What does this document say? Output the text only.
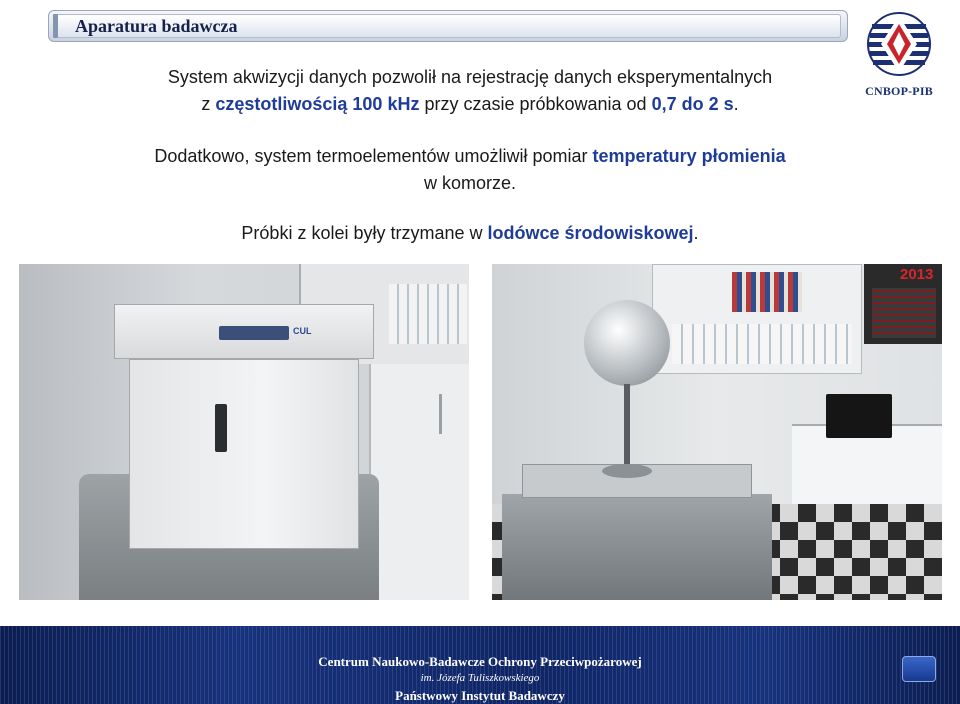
Aparatura badawcza
CNBOP-PIB
System akwizycji danych pozwolił na rejestrację danych eksperymentalnych
z częstotliwością 100 kHz przy czasie próbkowania od 0,7 do 2 s.
Dodatkowo, system termoelementów umożliwił pomiar temperatury płomienia
w komorze.
Próbki z kolei były trzymane w lodówce środowiskowej.
CUL
2013
Centrum Naukowo-Badawcze Ochrony Przeciwpożarowej
im. Józefa Tuliszkowskiego
Państwowy Instytut Badawczy
